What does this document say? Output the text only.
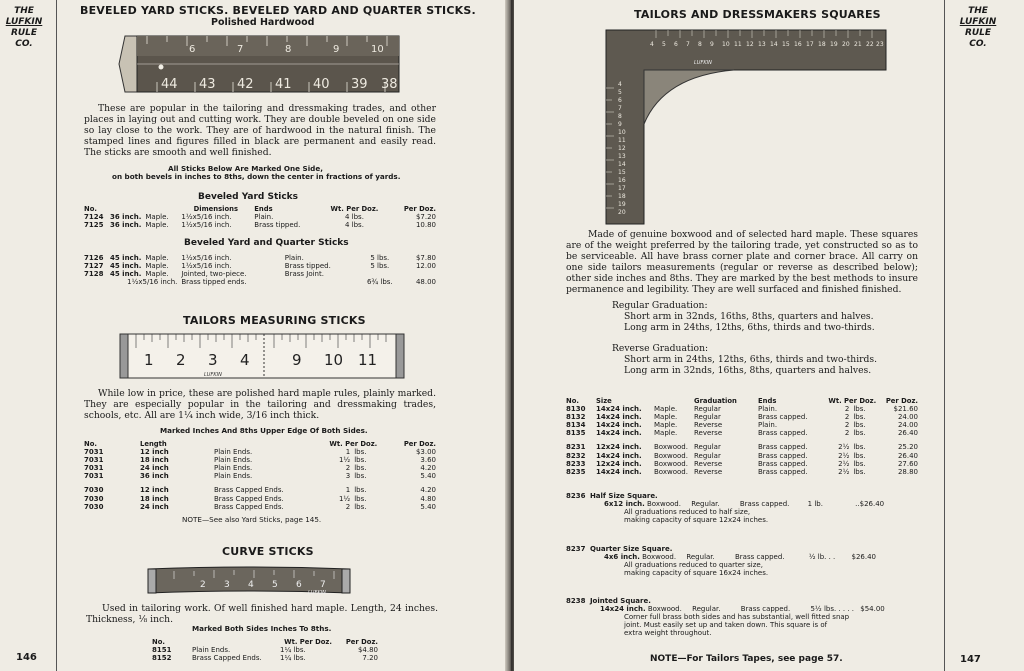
THE
LUFKIN
RULE
CO.
146
BEVELED YARD STICKS. BEVELED YARD AND QUARTER STICKS.
Polished Hardwood
6	7	8	9	10
44 43 42 41 40 39 38
These are popular in the tailoring and dressmaking trades, and other places in laying out and cutting work. They are double beveled on one side so lay close to the work. They are of hardwood in the natural finish. The stamped lines and figures filled in black are permanent and easily read. The sticks are smooth and well finished.
All Sticks Below Are Marked One Side,
on both bevels in inches to 8ths, down the center in fractions of yards.
Beveled Yard Sticks
No.			Dimensions	Ends	Wt. Per Doz.	Per Doz.
7124	36 inch.	Maple.	1½x5/16 inch.	Plain.	4 lbs.	$7.20
7125	36 inch.	Maple.	1½x5/16 inch.	Brass tipped.	4 lbs.	10.80
Beveled Yard and Quarter Sticks
7126	45 inch.	Maple.	1½x5/16 inch.	Plain.	5 lbs.	$7.80
7127	45 inch.	Maple.	1½x5/16 inch.	Brass tipped.	5 lbs.	12.00
7128	45 inch.	Maple.	Jointed, two-piece.	Brass Joint.		
	1½x5/16 inch.		Brass tipped ends.		6¾ lbs.	48.00
TAILORS MEASURING STICKS
1 2 3 4	9 10 11
LUFKIN
While low in price, these are polished hard maple rules, plainly marked. They are especially popular in the tailoring and dressmaking trades, schools, etc. All are 1¼ inch wide, 3/16 inch thick.
Marked Inches And 8ths Upper Edge Of Both Sides.
No.	Length		Wt. Per Doz.		Per Doz.
7031	12 inch	Plain Ends.	1	lbs.	$3.00
7031	18 inch	Plain Ends.	1½	lbs.	3.60
7031	24 inch	Plain Ends.	2	lbs.	4.20
7031	36 inch	Plain Ends.	3	lbs.	5.40

7030	12 inch	Brass Capped Ends.	1	lbs.	4.20
7030	18 inch	Brass Capped Ends.	1½	lbs.	4.80
7030	24 inch	Brass Capped Ends.	2	lbs.	5.40
NOTE—See also Yard Sticks, page 145.
CURVE STICKS
2 3 4 5 6 7
LUFKIN
Used in tailoring work. Of well finished hard maple. Length, 24 inches. Thickness, ⅛ inch.
Marked Both Sides Inches To 8ths.
No.		Wt. Per Doz.	Per Doz.
8151	Plain Ends.	1¼ lbs.	$4.80
8152	Brass Capped Ends.	1¼ lbs.	7.20
THE
LUFKIN
RULE
CO.
147
TAILORS AND DRESSMAKERS SQUARES
4 5 6 7 8 9 10 11 12 13 14 15 16 17 18 19 20 21 22 23
4
5
6
7
8
9
10
11
12
13
14
15
16
17
18
19
20
LUFKIN
Made of genuine boxwood and of selected hard maple. These squares are of the weight preferred by the tailoring trade, yet constructed so as to be serviceable. All have brass corner plate and corner brace. All carry on one side tailors measurements (regular or reverse as described below); other side inches and 8ths. They are marked by the best methods to insure permanence and legibility. They are well surfaced and finished finished.
Regular Graduation:
Short arm in 32nds, 16ths, 8ths, quarters and halves.
Long arm in 24ths, 12ths, 6ths, thirds and two-thirds.
Reverse Graduation:
Short arm in 24ths, 12ths, 6ths, thirds and two-thirds.
Long arm in 32nds, 16ths, 8ths, quarters and halves.
No.	Size		Graduation	Ends	Wt. Per Doz.		Per Doz.
8130	14x24 inch.	Maple.	Regular	Plain.	2	lbs.	$21.60
8132	14x24 inch.	Maple.	Regular	Brass capped.	2	lbs.	24.00
8134	14x24 inch.	Maple.	Reverse	Plain.	2	lbs.	24.00
8135	14x24 inch.	Maple.	Reverse	Brass capped.	2	lbs.	26.40

8231	12x24 inch.	Boxwood.	Regular	Brass capped.	2½	lbs.	25.20
8232	14x24 inch.	Boxwood.	Regular	Brass capped.	2½	lbs.	26.40
8233	12x24 inch.	Boxwood.	Reverse	Brass capped.	2½	lbs.	27.60
8235	14x24 inch.	Boxwood.	Reverse	Brass capped.	2½	lbs.	28.80
8236 Half Size Square.
6x12 inch. Boxwood. Regular.	Brass capped.	1 lb.	..$26.40
All graduations reduced to half size,
making capacity of square 12x24 inches.
8237 Quarter Size Square.
4x6 inch. Boxwood. Regular.	Brass capped.	½ lb. . . $26.40
All graduations reduced to quarter size,
making capacity of square 16x24 inches.
8238 Jointed Square.
14x24 inch. Boxwood. Regular.	Brass capped.	5½ lbs. . . . . $54.00
Corner full brass both sides and has substantial, well fitted snap
joint. Must easily set up and taken down. This square is of
extra weight throughout.
NOTE—For Tailors Tapes, see page 57.
